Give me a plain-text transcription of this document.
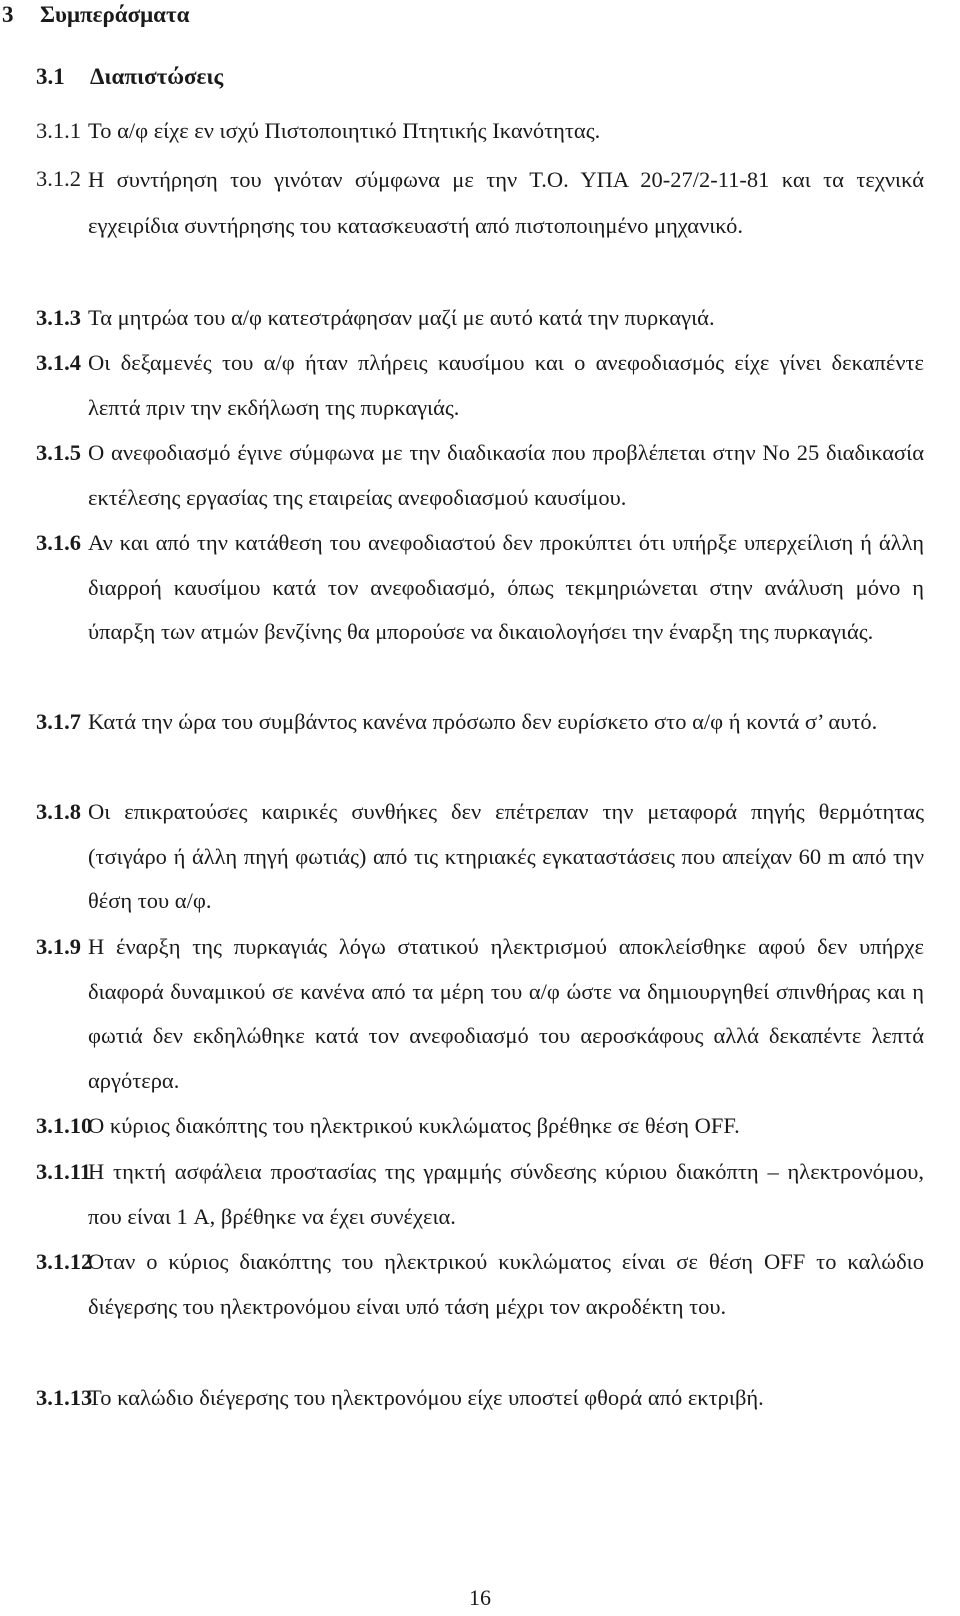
3 Συμπεράσματα
3.1 Διαπιστώσεις
3.1.1 Το α/φ είχε εν ισχύ Πιστοποιητικό Πτητικής Ικανότητας.
3.1.2 Η συντήρηση του γινόταν σύμφωνα με την Τ.Ο. ΥΠΑ 20-27/2-11-81 και τα τεχνικά εγχειρίδια συντήρησης του κατασκευαστή από πιστοποιημένο μηχανικό.
3.1.3 Τα μητρώα του α/φ κατεστράφησαν μαζί με αυτό κατά την πυρκαγιά.
3.1.4 Οι δεξαμενές του α/φ ήταν πλήρεις καυσίμου και ο ανεφοδιασμός είχε γίνει δεκαπέντε λεπτά πριν την εκδήλωση της πυρκαγιάς.
3.1.5 Ο ανεφοδιασμό έγινε σύμφωνα με την διαδικασία που προβλέπεται στην No 25 διαδικασία εκτέλεσης εργασίας της εταιρείας ανεφοδιασμού καυσίμου.
3.1.6 Αν και από την κατάθεση του ανεφοδιαστού δεν προκύπτει ότι υπήρξε υπερχείλιση ή άλλη διαρροή καυσίμου κατά τον ανεφοδιασμό, όπως τεκμηριώνεται στην ανάλυση μόνο η ύπαρξη των ατμών βενζίνης θα μπορούσε να δικαιολογήσει την έναρξη της πυρκαγιάς.
3.1.7 Κατά την ώρα του συμβάντος κανένα πρόσωπο δεν ευρίσκετο στο α/φ ή κοντά σ’ αυτό.
3.1.8 Οι επικρατούσες καιρικές συνθήκες δεν επέτρεπαν την μεταφορά πηγής θερμότητας (τσιγάρο ή άλλη πηγή φωτιάς) από τις κτηριακές εγκαταστάσεις που απείχαν 60 m από την θέση του α/φ.
3.1.9 Η έναρξη της πυρκαγιάς λόγω στατικού ηλεκτρισμού αποκλείσθηκε αφού δεν υπήρχε διαφορά δυναμικού σε κανένα από τα μέρη του α/φ ώστε να δημιουργηθεί σπινθήρας και η φωτιά δεν εκδηλώθηκε κατά τον ανεφοδιασμό του αεροσκάφους αλλά δεκαπέντε λεπτά αργότερα.
3.1.10
Ο κύριος διακόπτης του ηλεκτρικού κυκλώματος βρέθηκε σε θέση OFF.
3.1.11
Η τηκτή ασφάλεια προστασίας της γραμμής σύνδεσης κύριου διακόπτη – ηλεκτρονόμου, που είναι 1 A, βρέθηκε να έχει συνέχεια.
3.1.12
Όταν ο κύριος διακόπτης του ηλεκτρικού κυκλώματος είναι σε θέση OFF το καλώδιο διέγερσης του ηλεκτρονόμου είναι υπό τάση μέχρι τον ακροδέκτη του.
3.1.13
Το καλώδιο διέγερσης του ηλεκτρονόμου είχε υποστεί φθορά από εκτριβή.
16
